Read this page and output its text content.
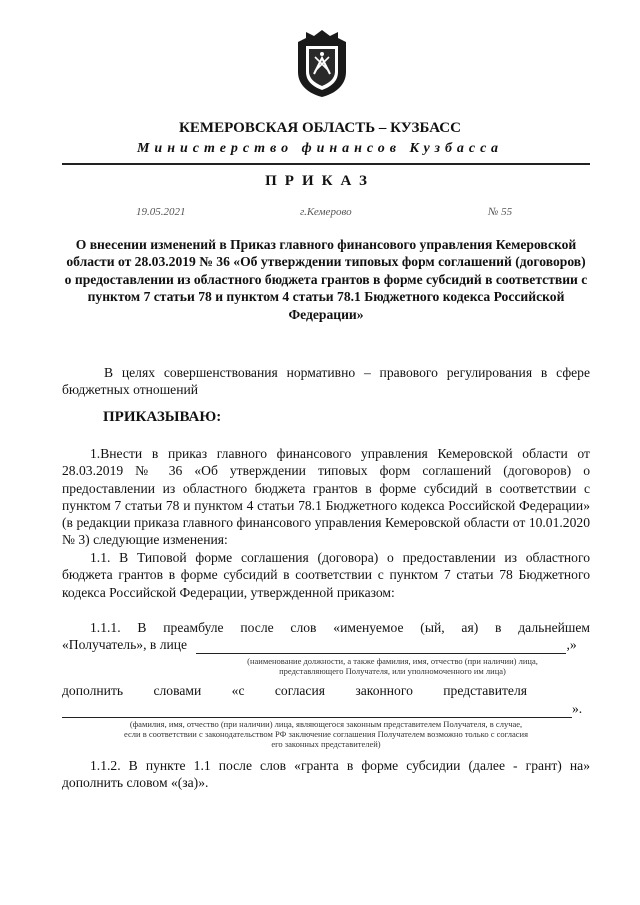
КЕМЕРОВСКАЯ ОБЛАСТЬ – КУЗБАСС
Министерство финансов Кузбасса
ПРИКАЗ
19.05.2021	г.Кемерово	№ 55
О внесении изменений в Приказ главного финансового управления Кемеровской области от 28.03.2019 № 36 «Об утверждении типовых форм соглашений (договоров) о предоставлении из областного бюджета грантов в форме субсидий в соответствии с пунктом 7 статьи 78 и пунктом 4 статьи 78.1 Бюджетного кодекса Российской Федерации»
В целях совершенствования нормативно – правового регулирования в сфере бюджетных отношений
ПРИКАЗЫВАЮ:
1.Внести в приказ главного финансового управления Кемеровской области от 28.03.2019 № 36 «Об утверждении типовых форм соглашений (договоров) о предоставлении из областного бюджета грантов в форме субсидий в соответствии с пунктом 7 статьи 78 и пунктом 4 статьи 78.1 Бюджетного кодекса Российской Федерации» (в редакции приказа главного финансового управления Кемеровской области от 10.01.2020 № 3) следующие изменения:
1.1. В Типовой форме соглашения (договора) о предоставлении из областного бюджета грантов в форме субсидий в соответствии с пунктом 7 статьи 78 Бюджетного кодекса Российской Федерации, утвержденной приказом:
1.1.1. В преамбуле после слов «именуемое (ый, ая) в дальнейшем
«Получатель», в лице	,»
(наименование должности, а также фамилия, имя, отчество (при наличии) лица,
представляющего Получателя, или уполномоченного им лица)
дополнить словами «с согласия законного представителя
».
(фамилия, имя, отчество (при наличии) лица, являющегося законным представителем Получателя, в случае,
если в соответствии с законодательством РФ заключение соглашения Получателем возможно только с согласия
его законных представителей)
1.1.2. В пункте 1.1 после слов «гранта в форме субсидии (далее - грант) на» дополнить словом «(за)».
